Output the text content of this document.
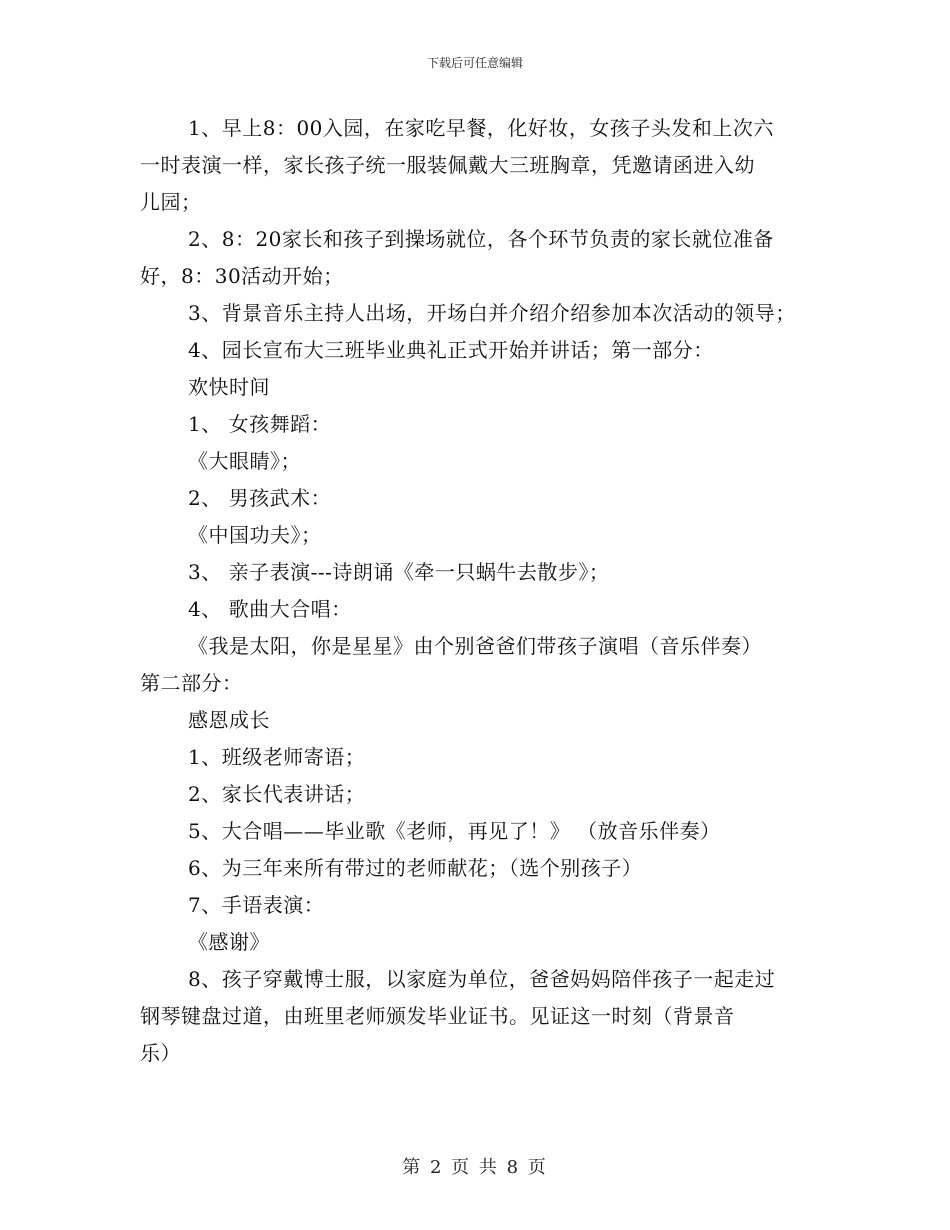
下载后可任意编辑
1、早上8：00入园，在家吃早餐，化好妆，女孩子头发和上次六
一时表演一样，家长孩子统一服装佩戴大三班胸章，凭邀请函进入幼
儿园；
2、8：20家长和孩子到操场就位，各个环节负责的家长就位准备
好，8：30活动开始；
3、背景音乐主持人出场，开场白并介绍介绍参加本次活动的领导；
4、园长宣布大三班毕业典礼正式开始并讲话；第一部分：
欢快时间
1、 女孩舞蹈：
《大眼睛》；
2、 男孩武术：
《中国功夫》；
3、 亲子表演---诗朗诵《牵一只蜗牛去散步》；
4、 歌曲大合唱：
《我是太阳，你是星星》由个别爸爸们带孩子演唱（音乐伴奏）
第二部分：
感恩成长
1、班级老师寄语；
2、家长代表讲话；
5、大合唱——毕业歌《老师，再见了！》 （放音乐伴奏）
6、为三年来所有带过的老师献花；（选个别孩子）
7、手语表演：
《感谢》
8、孩子穿戴博士服，以家庭为单位，爸爸妈妈陪伴孩子一起走过
钢琴键盘过道，由班里老师颁发毕业证书。见证这一时刻（背景音
乐）
第 2 页 共 8 页
